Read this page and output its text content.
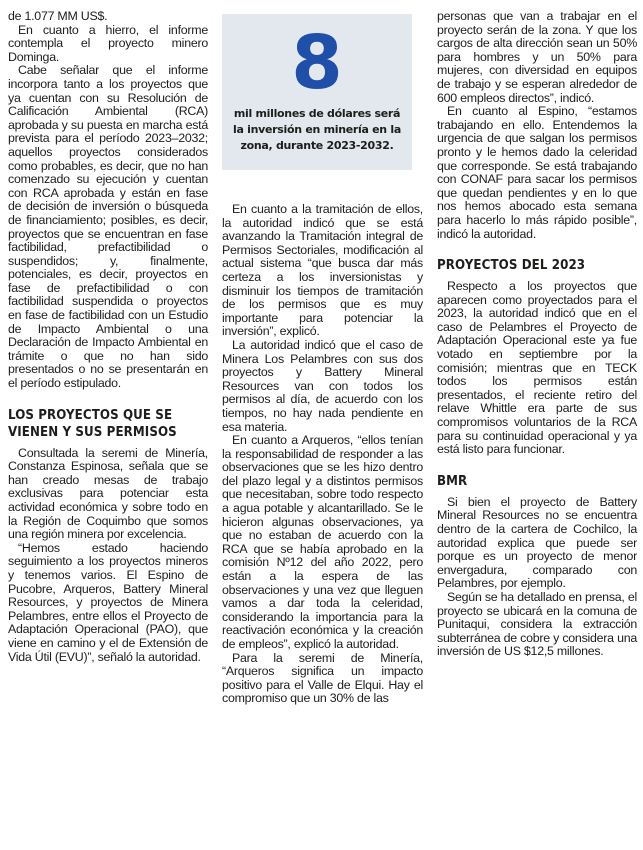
de 1.077 MM US$.

En cuanto a hierro, el informe contempla el proyecto minero Dominga.

Cabe señalar que el informe incorpora tanto a los proyectos que ya cuentan con su Resolución de Calificación Ambiental (RCA) aprobada y su puesta en marcha está prevista para el período 2023–2032; aquellos proyectos considerados como probables, es decir, que no han comenzado su ejecución y cuentan con RCA aprobada y están en fase de decisión de inversión o búsqueda de financiamiento; posibles, es decir, proyectos que se encuentran en fase factibilidad, prefactibilidad o suspendidos; y, finalmente, potenciales, es decir, proyectos en fase de prefactibilidad o con factibilidad suspendida o proyectos en fase de factibilidad con un Estudio de Impacto Ambiental o una Declaración de Impacto Ambiental en trámite o que no han sido presentados o no se presentarán en el período estipulado.

LOS PROYECTOS QUE SE VIENEN Y SUS PERMISOS

Consultada la seremi de Minería, Constanza Espinosa, señala que se han creado mesas de trabajo exclusivas para potenciar esta actividad económica y sobre todo en la Región de Coquimbo que somos una región minera por excelencia.

“Hemos estado haciendo seguimiento a los proyectos mineros y tenemos varios. El Espino de Pucobre, Arqueros, Battery Mineral Resources, y proyectos de Minera Pelambres, entre ellos el Proyecto de Adaptación Operacional (PAO), que viene en camino y el de Extensión de Vida Útil (EVU)”, señaló la autoridad.

8
mil millones de dólares será la inversión en minería en la zona, durante 2023-2032.

En cuanto a la tramitación de ellos, la autoridad indicó que se está avanzando la Tramitación integral de Permisos Sectoriales, modificación al actual sistema “que busca dar más certeza a los inversionistas y disminuir los tiempos de tramitación de los permisos que es muy importante para potenciar la inversión”, explicó.

La autoridad indicó que el caso de Minera Los Pelambres con sus dos proyectos y Battery Mineral Resources van con todos los permisos al día, de acuerdo con los tiempos, no hay nada pendiente en esa materia.

En cuanto a Arqueros, “ellos tenían la responsabilidad de responder a las observaciones que se les hizo dentro del plazo legal y a distintos permisos que necesitaban, sobre todo respecto a agua potable y alcantarillado. Se le hicieron algunas observaciones, ya que no estaban de acuerdo con la RCA que se había aprobado en la comisión Nº12 del año 2022, pero están a la espera de las observaciones y una vez que lleguen vamos a dar toda la celeridad, considerando la importancia para la reactivación económica y la creación de empleos”, explicó la autoridad.

Para la seremi de Minería, “Arqueros significa un impacto positivo para el Valle de Elqui. Hay el compromiso que un 30% de las

personas que van a trabajar en el proyecto serán de la zona. Y que los cargos de alta dirección sean un 50% para hombres y un 50% para mujeres, con diversidad en equipos de trabajo y se esperan alrededor de 600 empleos directos”, indicó.

En cuanto al Espino, “estamos trabajando en ello. Entendemos la urgencia de que salgan los permisos pronto y le hemos dado la celeridad que corresponde. Se está trabajando con CONAF para sacar los permisos que quedan pendientes y en lo que nos hemos abocado esta semana para hacerlo lo más rápido posible”, indicó la autoridad.

PROYECTOS DEL 2023

Respecto a los proyectos que aparecen como proyectados para el 2023, la autoridad indicó que en el caso de Pelambres el Proyecto de Adaptación Operacional este ya fue votado en septiembre por la comisión; mientras que en TECK todos los permisos están presentados, el reciente retiro del relave Whittle era parte de sus compromisos voluntarios de la RCA para su continuidad operacional y ya está listo para funcionar.

BMR

Si bien el proyecto de Battery Mineral Resources no se encuentra dentro de la cartera de Cochilco, la autoridad explica que puede ser porque es un proyecto de menor envergadura, comparado con Pelambres, por ejemplo.

Según se ha detallado en prensa, el proyecto se ubicará en la comuna de Punitaqui, considera la extracción subterránea de cobre y considera una inversión de US $12,5 millones.
